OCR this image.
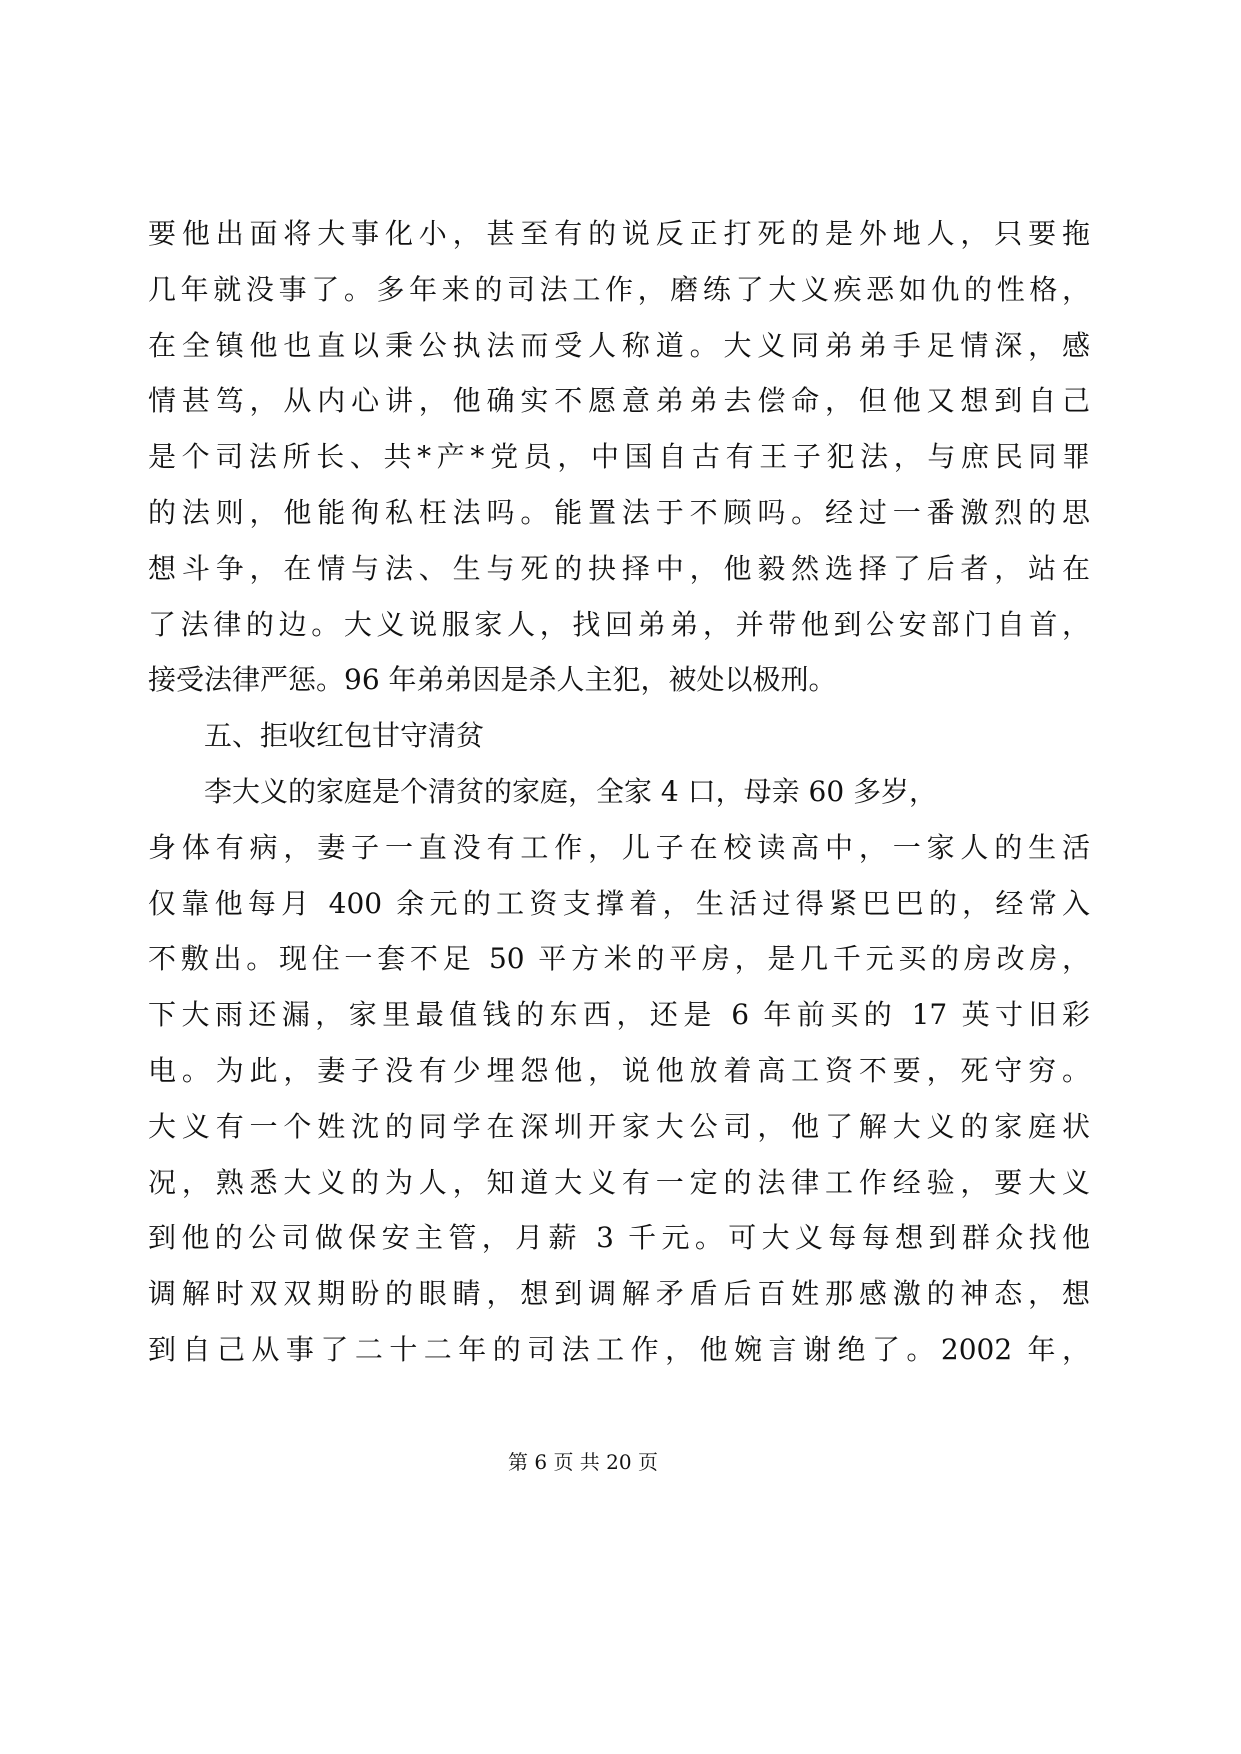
要他出面将大事化小，甚至有的说反正打死的是外地人，只要拖
几年就没事了。多年来的司法工作，磨练了大义疾恶如仇的性格，
在全镇他也直以秉公执法而受人称道。大义同弟弟手足情深，感
情甚笃，从内心讲，他确实不愿意弟弟去偿命，但他又想到自己
是个司法所长、共*产*党员，中国自古有王子犯法，与庶民同罪
的法则，他能徇私枉法吗。能置法于不顾吗。经过一番激烈的思
想斗争，在情与法、生与死的抉择中，他毅然选择了后者，站在
了法律的边。大义说服家人，找回弟弟，并带他到公安部门自首，
接受法律严惩。96 年弟弟因是杀人主犯，被处以极刑。
五、拒收红包甘守清贫
李大义的家庭是个清贫的家庭，全家 4 口，母亲 60 多岁，
身体有病，妻子一直没有工作，儿子在校读高中，一家人的生活
仅靠他每月 400 余元的工资支撑着，生活过得紧巴巴的，经常入
不敷出。现住一套不足 50 平方米的平房，是几千元买的房改房，
下大雨还漏，家里最值钱的东西，还是 6 年前买的 17 英寸旧彩
电。为此，妻子没有少埋怨他，说他放着高工资不要，死守穷。
大义有一个姓沈的同学在深圳开家大公司，他了解大义的家庭状
况，熟悉大义的为人，知道大义有一定的法律工作经验，要大义
到他的公司做保安主管，月薪 3 千元。可大义每每想到群众找他
调解时双双期盼的眼睛，想到调解矛盾后百姓那感激的神态，想
到自己从事了二十二年的司法工作，他婉言谢绝了。2002 年，
第 6 页 共 20 页
